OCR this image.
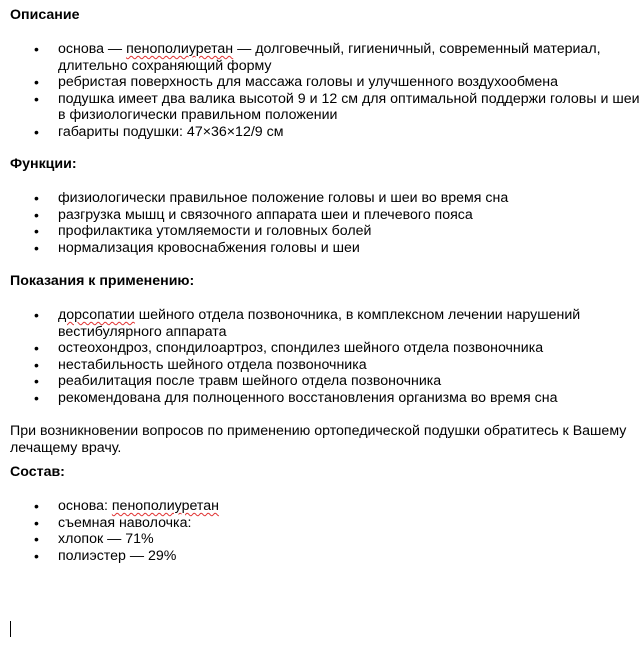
Описание
• основа — пенополиуретан — долговечный, гигиеничный, современный материал, длительно сохраняющий форму
• ребристая поверхность для массажа головы и улучшенного воздухообмена
• подушка имеет два валика высотой 9 и 12 см для оптимальной поддержи головы и шеи в физиологически правильном положении
• габариты подушки: 47×36×12/9 см
Функции:
• физиологически правильное положение головы и шеи во время сна
• разгрузка мышц и связочного аппарата шеи и плечевого пояса
• профилактика утомляемости и головных болей
• нормализация кровоснабжения головы и шеи
Показания к применению:
• дорсопатии шейного отдела позвоночника, в комплексном лечении нарушений вестибулярного аппарата
• остеохондроз, спондилоартроз, спондилез шейного отдела позвоночника
• нестабильность шейного отдела позвоночника
• реабилитация после травм шейного отдела позвоночника
• рекомендована для полноценного восстановления организма во время сна

При возникновении вопросов по применению ортопедической подушки обратитесь к Вашему лечащему врачу.

Состав:
• основа: пенополиуретан
• съемная наволочка:
• хлопок — 71%
• полиэстер — 29%
